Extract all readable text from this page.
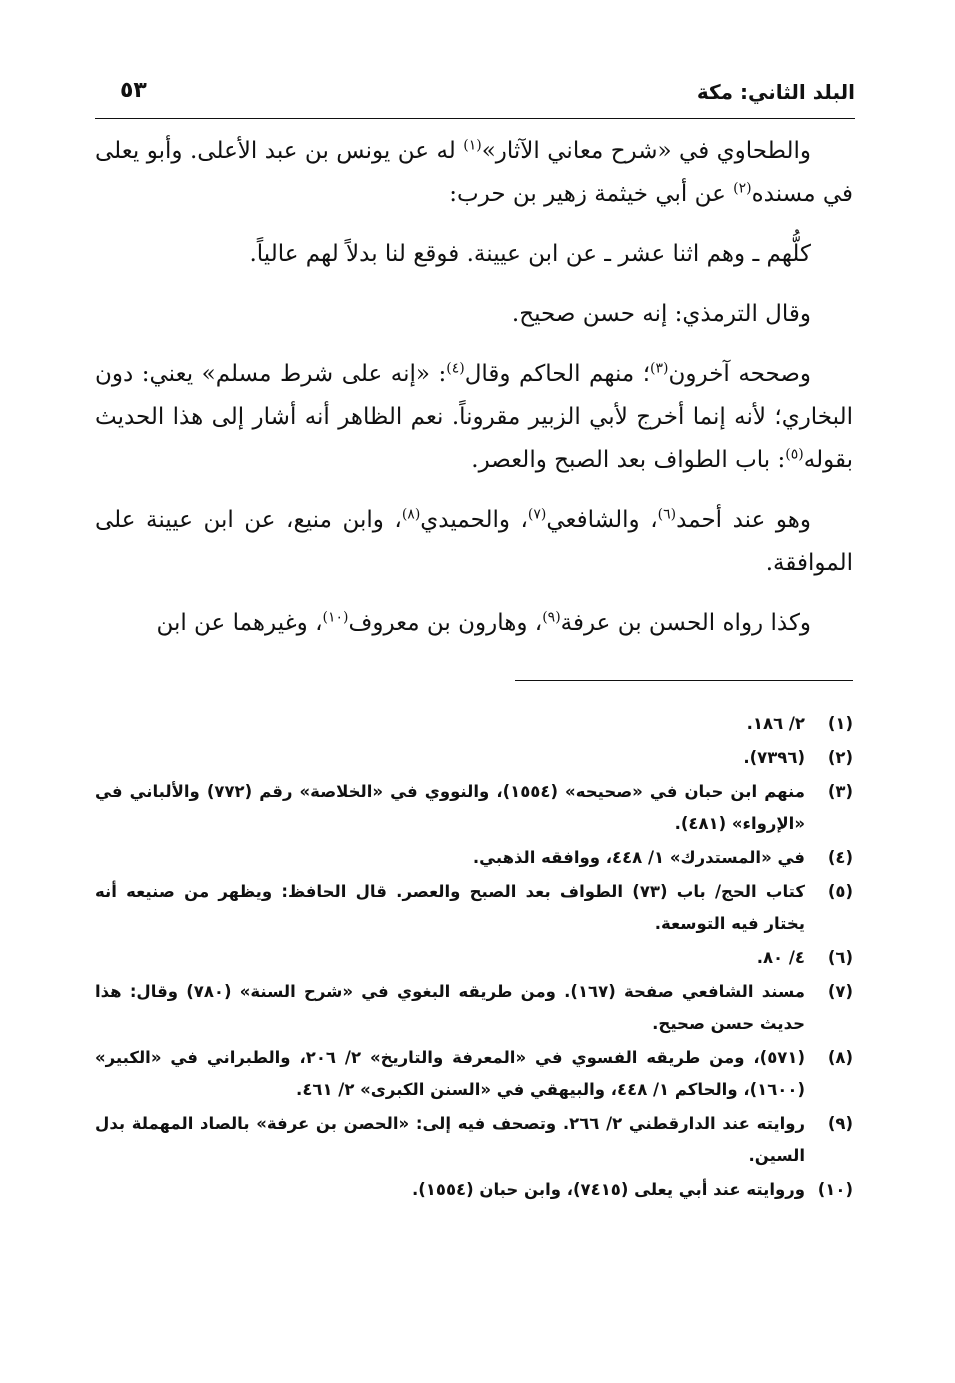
البلد الثاني: مكة
٥٣

والطحاوي في «شرح معاني الآثار»$^{(١)}$ له عن يونس بن عبد الأعلى. وأبو يعلى في مسنده$^{(٢)}$ عن أبي خيثمة زهير بن حرب:

كلُّهم ـ وهم اثنا عشر ـ عن ابن عيينة. فوقع لنا بدلاً لهم عالياً.

وقال الترمذي: إنه حسن صحيح.

وصححه آخرون$^{(٣)}$؛ منهم الحاكم وقال$^{(٤)}$: «إنه على شرط مسلم» يعني: دون البخاري؛ لأنه إنما أخرج لأبي الزبير مقروناً. نعم الظاهر أنه أشار إلى هذا الحديث بقوله$^{(٥)}$: باب الطواف بعد الصبح والعصر.

وهو عند أحمد$^{(٦)}$، والشافعي$^{(٧)}$، والحميدي$^{(٨)}$، وابن منيع، عن ابن عيينة على الموافقة.

وكذا رواه الحسن بن عرفة$^{(٩)}$، وهارون بن معروف$^{(١٠)}$، وغيرهما عن ابن

(١)
٢/ ١٨٦.
(٢)
(٧٣٩٦).
(٣)
منهم ابن حبان في «صحيحه» (١٥٥٤)، والنووي في «الخلاصة» رقم (٧٧٢) والألباني في «الإرواء» (٤٨١).
(٤)
في «المستدرك» ١/ ٤٤٨، ووافقه الذهبي.
(٥)
كتاب الحج/ باب (٧٣) الطواف بعد الصبح والعصر. قال الحافظ: ويظهر من صنيعه أنه يختار فيه التوسعة.
(٦)
٤/ ٨٠.
(٧)
مسند الشافعي صفحة (١٦٧). ومن طريقه البغوي في «شرح السنة» (٧٨٠) وقال: هذا حديث حسن صحيح.
(٨)
(٥٧١)، ومن طريقه الفسوي في «المعرفة والتاريخ» ٢/ ٢٠٦، والطبراني في «الكبير» (١٦٠٠)، والحاكم ١/ ٤٤٨، والبيهقي في «السنن الكبرى» ٢/ ٤٦١.
(٩)
روايته عند الدارقطني ٢/ ٢٦٦. وتصحف فيه إلى: «الحصن بن عرفة» بالصاد المهملة بدل السين.
(١٠)
وروايته عند أبي يعلى (٧٤١٥)، وابن حبان (١٥٥٤).
